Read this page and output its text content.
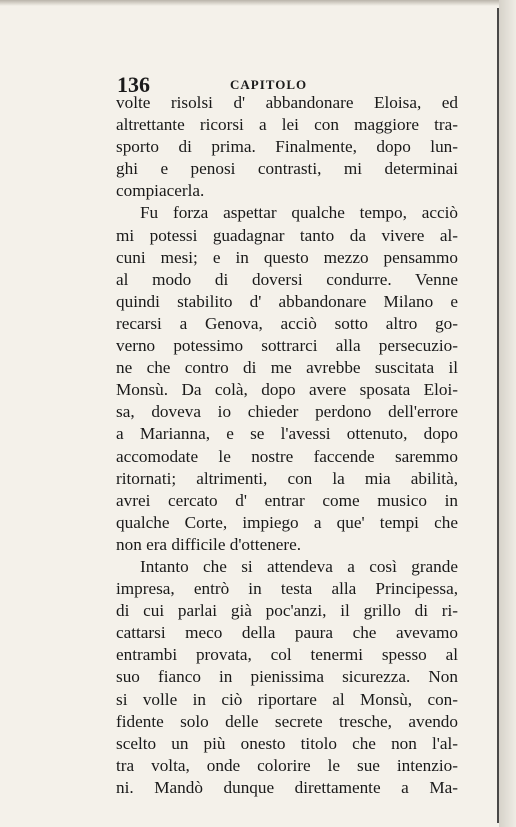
136	CAPITOLO
volte risolsi d' abbandonare Eloisa, ed
altrettante ricorsi a lei con maggiore tra-
sporto di prima. Finalmente, dopo lun-
ghi e penosi contrasti, mi determinai
compiacerla.
Fu forza aspettar qualche tempo, acciò
mi potessi guadagnar tanto da vivere al-
cuni mesi; e in questo mezzo pensammo
al modo di doversi condurre. Venne
quindi stabilito d' abbandonare Milano e
recarsi a Genova, acciò sotto altro go-
verno potessimo sottrarci alla persecuzio-
ne che contro di me avrebbe suscitata il
Monsù. Da colà, dopo avere sposata Eloi-
sa, doveva io chieder perdono dell'errore
a Marianna, e se l'avessi ottenuto, dopo
accomodate le nostre faccende saremmo
ritornati; altrimenti, con la mia abilità,
avrei cercato d' entrar come musico in
qualche Corte, impiego a que' tempi che
non era difficile d'ottenere.
Intanto che si attendeva a così grande
impresa, entrò in testa alla Principessa,
di cui parlai già poc'anzi, il grillo di ri-
cattarsi meco della paura che avevamo
entrambi provata, col tenermi spesso al
suo fianco in pienissima sicurezza. Non
si volle in ciò riportare al Monsù, con-
fidente solo delle secrete tresche, avendo
scelto un più onesto titolo che non l'al-
tra volta, onde colorire le sue intenzio-
ni. Mandò dunque direttamente a Ma-
